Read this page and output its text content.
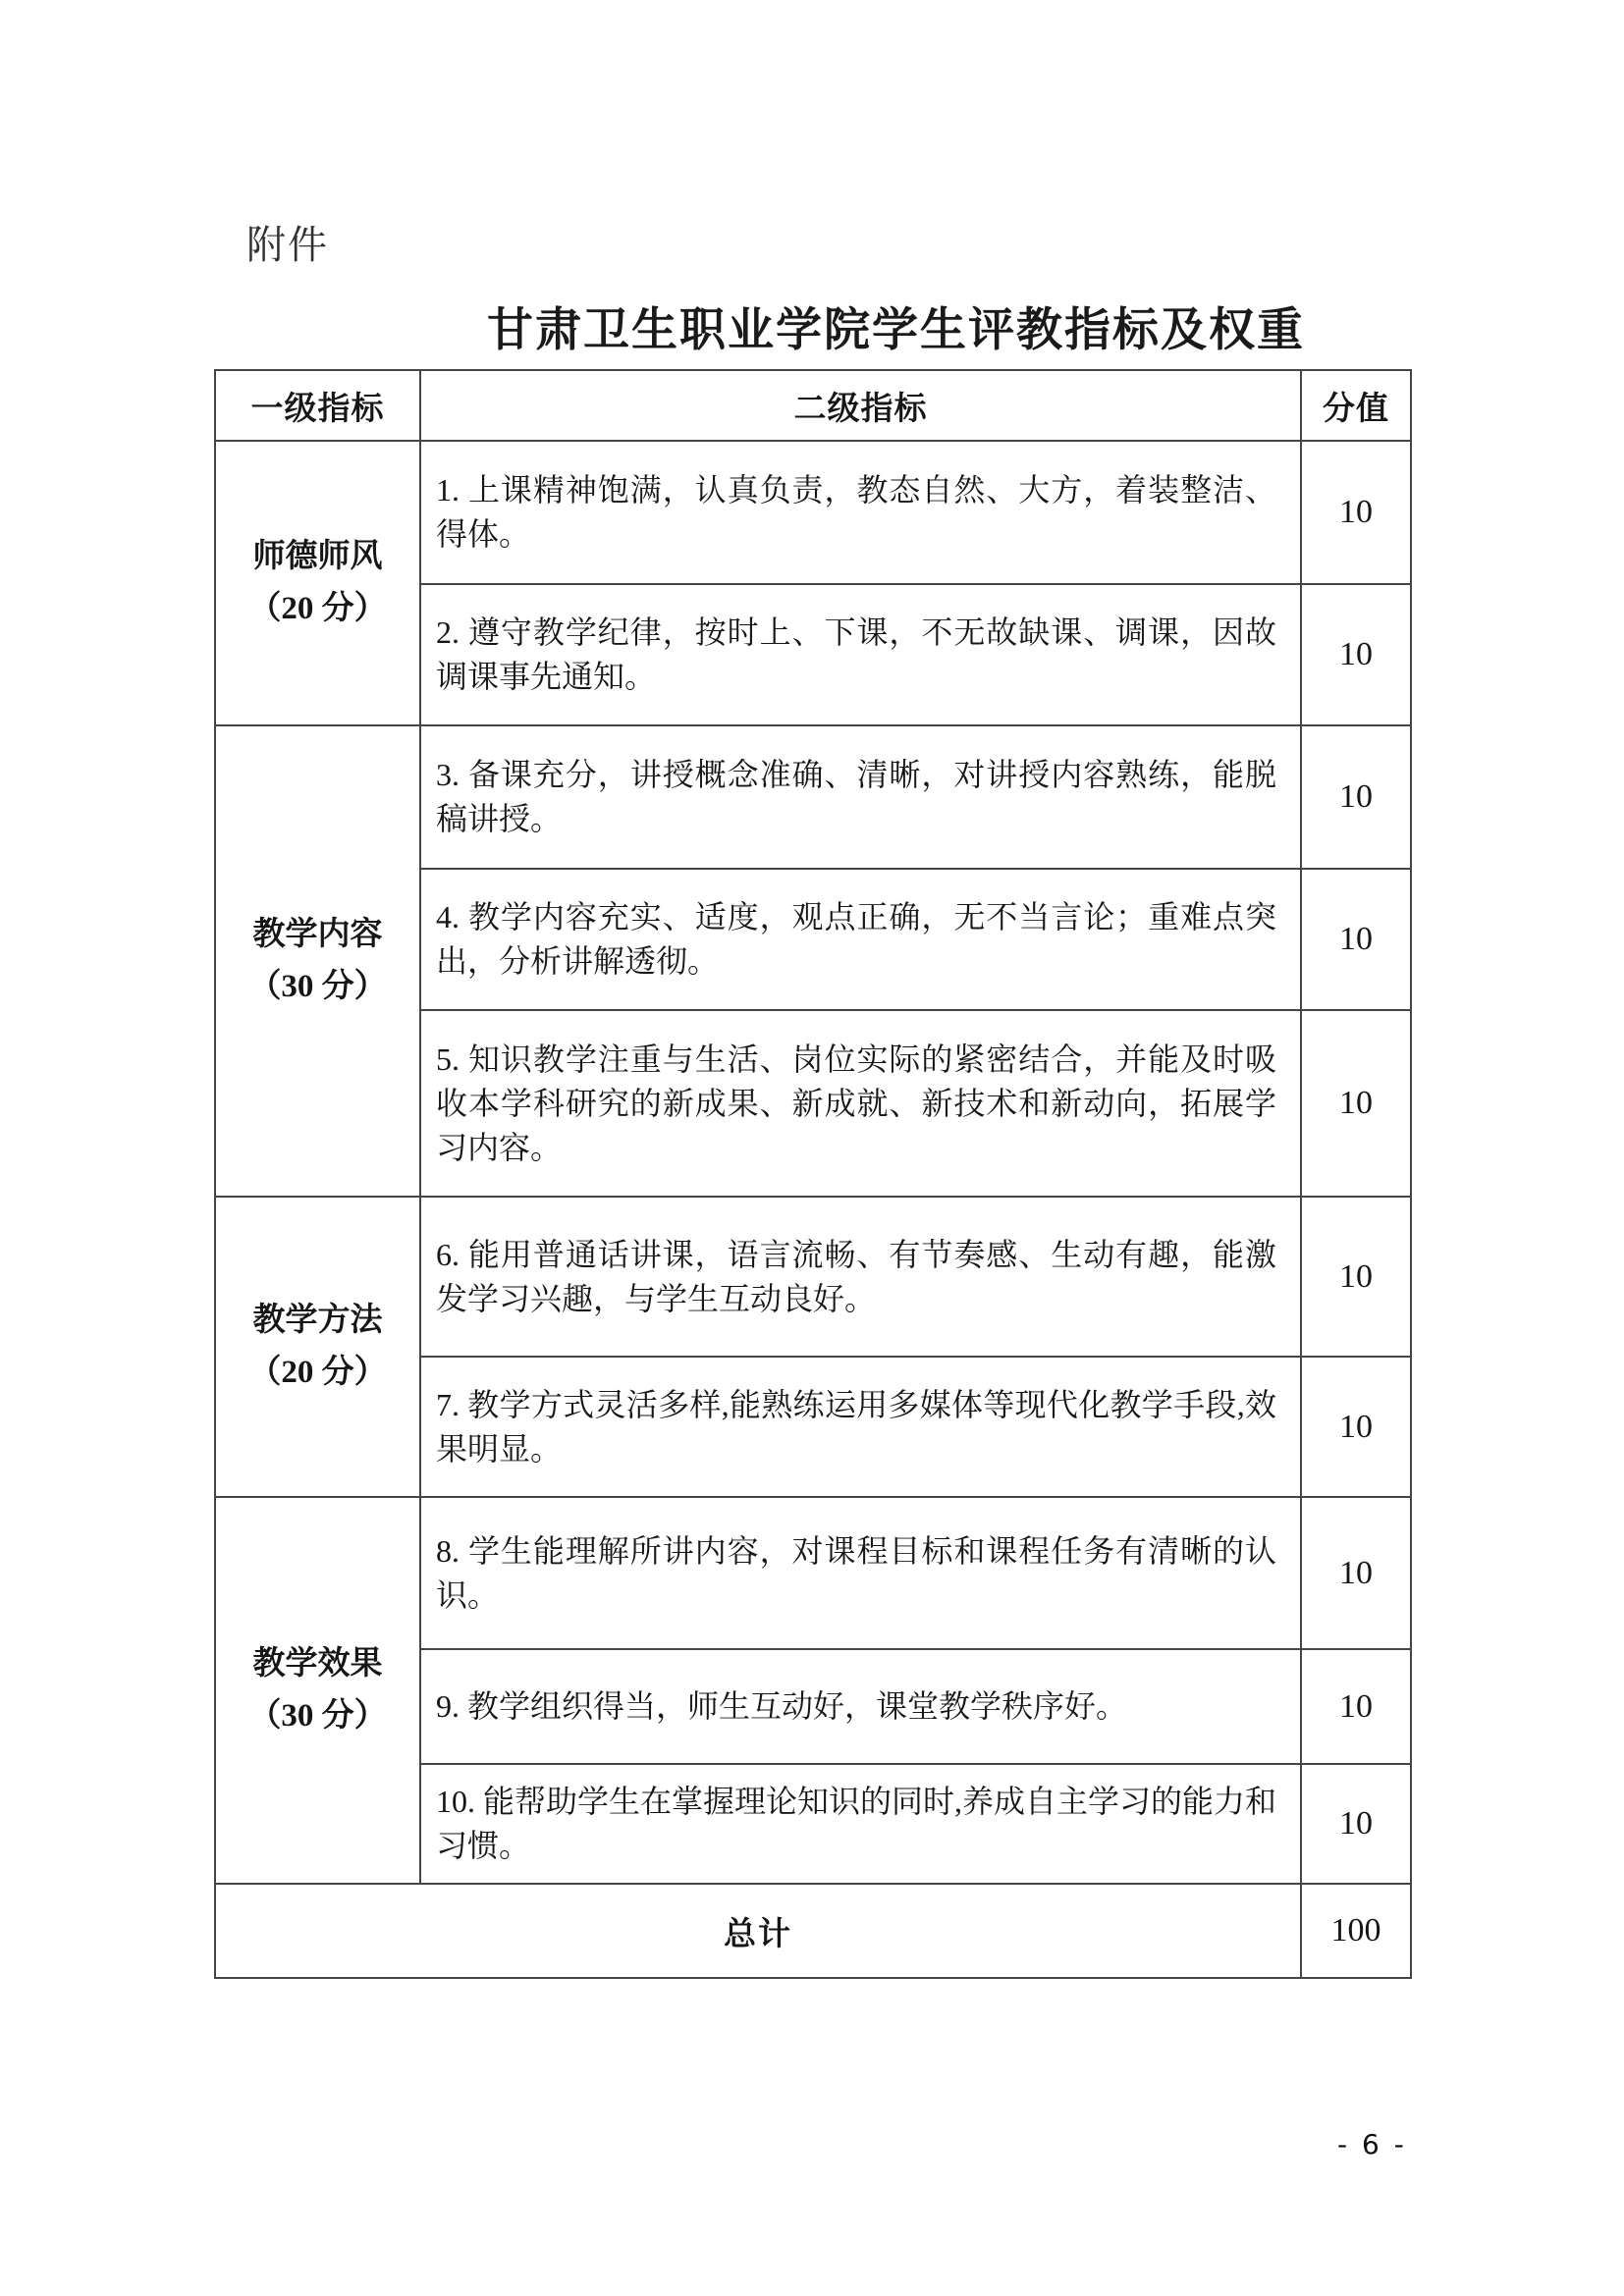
附件
甘肃卫生职业学院学生评教指标及权重
一级指标	二级指标	分值

师德师风
（20 分）	1. 上课精神饱满，认真负责，教态自然、大方，着装整洁、得体。	10
	2. 遵守教学纪律，按时上、下课，不无故缺课、调课，因故调课事先通知。	10

教学内容
（30 分）	3. 备课充分，讲授概念准确、清晰，对讲授内容熟练，能脱稿讲授。	10
	4. 教学内容充实、适度，观点正确，无不当言论；重难点突出，分析讲解透彻。	10
	5. 知识教学注重与生活、岗位实际的紧密结合，并能及时吸收本学科研究的新成果、新成就、新技术和新动向，拓展学习内容。	10

教学方法
（20 分）	6. 能用普通话讲课，语言流畅、有节奏感、生动有趣，能激发学习兴趣，与学生互动良好。	10
	7. 教学方式灵活多样,能熟练运用多媒体等现代化教学手段,效果明显。	10

教学效果
（30 分）	8. 学生能理解所讲内容，对课程目标和课程任务有清晰的认识。	10
	9. 教学组织得当，师生互动好，课堂教学秩序好。	10
	10. 能帮助学生在掌握理论知识的同时,养成自主学习的能力和习惯。	10
总计		100
- 6 -
